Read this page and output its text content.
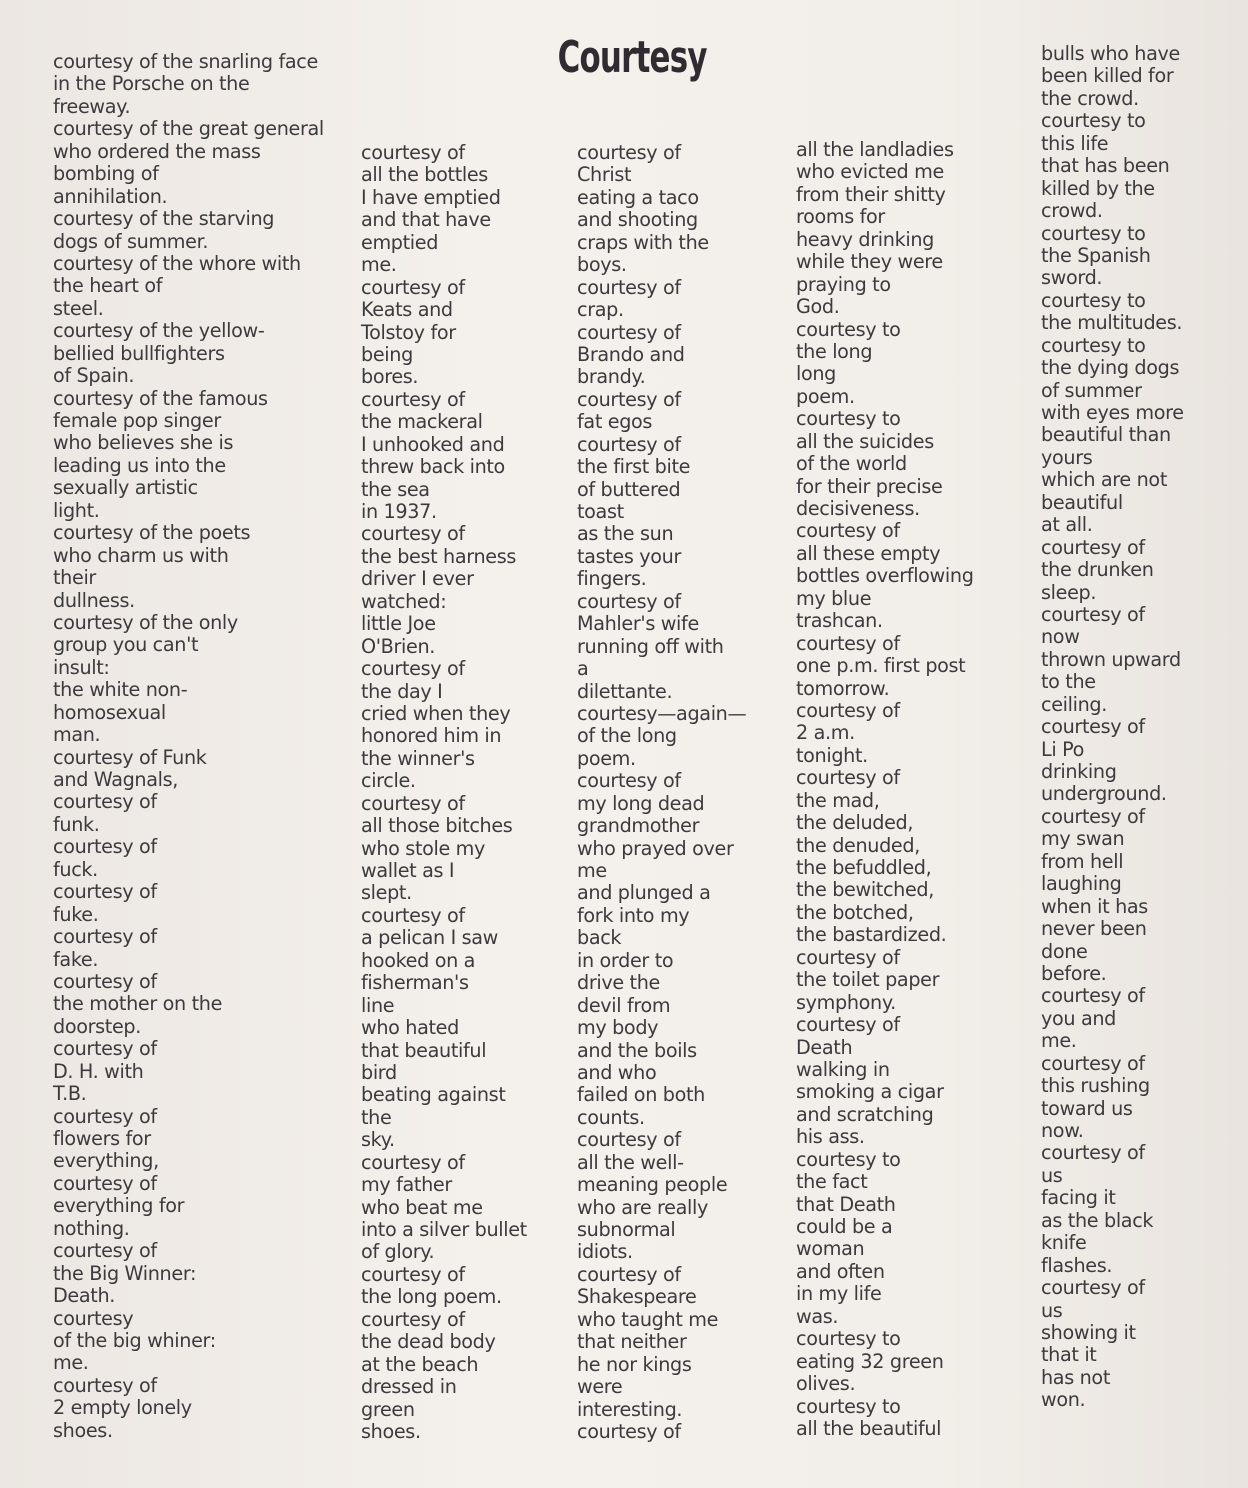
Courtesy
courtesy of the snarling face
in the Porsche on the
freeway.
courtesy of the great general
who ordered the mass
bombing of
annihilation.
courtesy of the starving
dogs of summer.
courtesy of the whore with
the heart of
steel.
courtesy of the yellow-
bellied bullfighters
of Spain.
courtesy of the famous
female pop singer
who believes she is
leading us into the
sexually artistic
light.
courtesy of the poets
who charm us with
their
dullness.
courtesy of the only
group you can't
insult:
the white non-
homosexual
man.
courtesy of Funk
and Wagnals,
courtesy of
funk.
courtesy of
fuck.
courtesy of
fuke.
courtesy of
fake.
courtesy of
the mother on the
doorstep.
courtesy of
D. H. with
T.B.
courtesy of
flowers for
everything,
courtesy of
everything for
nothing.
courtesy of
the Big Winner:
Death.
courtesy
of the big whiner:
me.
courtesy of
2 empty lonely
shoes.
courtesy of
all the bottles
I have emptied
and that have
emptied
me.
courtesy of
Keats and
Tolstoy for
being
bores.
courtesy of
the mackeral
I unhooked and
threw back into
the sea
in 1937.
courtesy of
the best harness
driver I ever
watched:
little Joe
O'Brien.
courtesy of
the day I
cried when they
honored him in
the winner's
circle.
courtesy of
all those bitches
who stole my
wallet as I
slept.
courtesy of
a pelican I saw
hooked on a
fisherman's
line
who hated
that beautiful
bird
beating against
the
sky.
courtesy of
my father
who beat me
into a silver bullet
of glory.
courtesy of
the long poem.
courtesy of
the dead body
at the beach
dressed in
green
shoes.
courtesy of
Christ
eating a taco
and shooting
craps with the
boys.
courtesy of
crap.
courtesy of
Brando and
brandy.
courtesy of
fat egos
courtesy of
the first bite
of buttered
toast
as the sun
tastes your
fingers.
courtesy of
Mahler's wife
running off with
a
dilettante.
courtesy—again—
of the long
poem.
courtesy of
my long dead
grandmother
who prayed over
me
and plunged a
fork into my
back
in order to
drive the
devil from
my body
and the boils
and who
failed on both
counts.
courtesy of
all the well-
meaning people
who are really
subnormal
idiots.
courtesy of
Shakespeare
who taught me
that neither
he nor kings
were
interesting.
courtesy of
all the landladies
who evicted me
from their shitty
rooms for
heavy drinking
while they were
praying to
God.
courtesy to
the long
long
poem.
courtesy to
all the suicides
of the world
for their precise
decisiveness.
courtesy of
all these empty
bottles overflowing
my blue
trashcan.
courtesy of
one p.m. first post
tomorrow.
courtesy of
2 a.m.
tonight.
courtesy of
the mad,
the deluded,
the denuded,
the befuddled,
the bewitched,
the botched,
the bastardized.
courtesy of
the toilet paper
symphony.
courtesy of
Death
walking in
smoking a cigar
and scratching
his ass.
courtesy to
the fact
that Death
could be a
woman
and often
in my life
was.
courtesy to
eating 32 green
olives.
courtesy to
all the beautiful
bulls who have
been killed for
the crowd.
courtesy to
this life
that has been
killed by the
crowd.
courtesy to
the Spanish
sword.
courtesy to
the multitudes.
courtesy to
the dying dogs
of summer
with eyes more
beautiful than
yours
which are not
beautiful
at all.
courtesy of
the drunken
sleep.
courtesy of
now
thrown upward
to the
ceiling.
courtesy of
Li Po
drinking
underground.
courtesy of
my swan
from hell
laughing
when it has
never been
done
before.
courtesy of
you and
me.
courtesy of
this rushing
toward us
now.
courtesy of
us
facing it
as the black
knife
flashes.
courtesy of
us
showing it
that it
has not
won.
